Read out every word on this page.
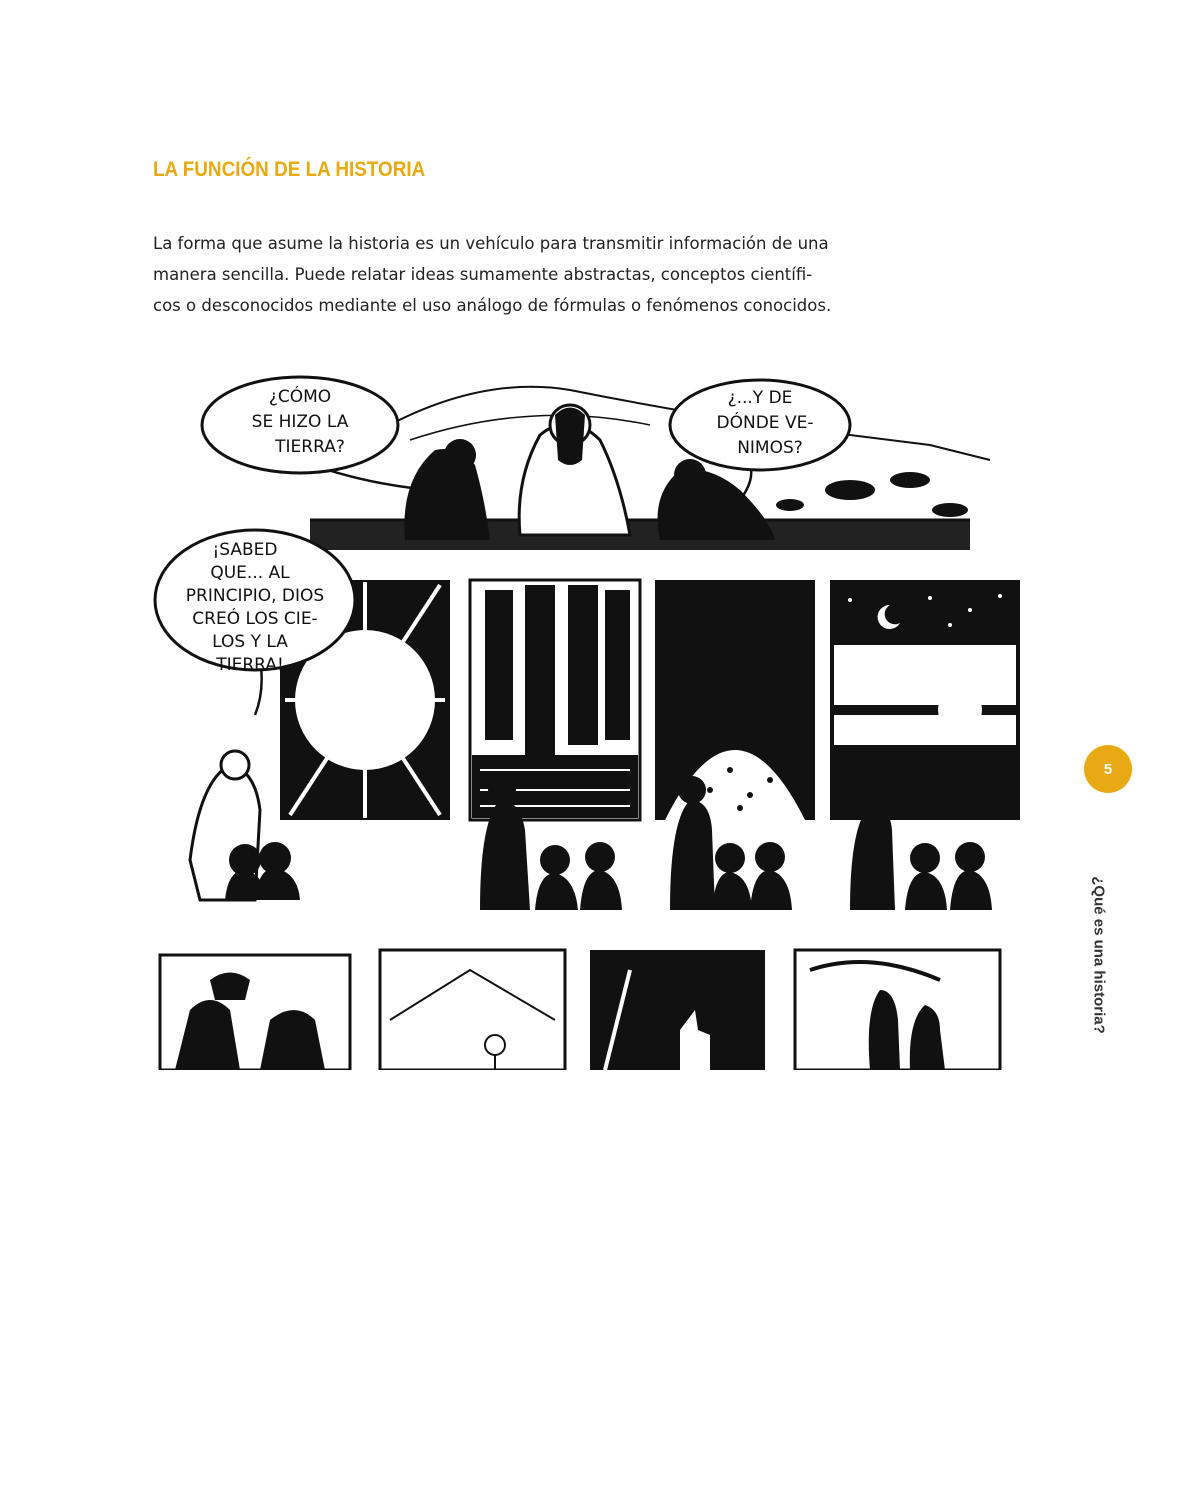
LA FUNCIÓN DE LA HISTORIA

La forma que asume la historia es un vehículo para transmitir información de una
manera sencilla. Puede relatar ideas sumamente abstractas, conceptos científi-
cos o desconocidos mediante el uso análogo de fórmulas o fenómenos conocidos.

¿CÓMO
SE HIZO LA
TIERRA?
¿...Y DE
DÓNDE VE-
NIMOS?
¡SABED
QUE... AL
PRINCIPIO, DIOS
CREÓ LOS CIE-
LOS Y LA
TIERRA!
5
¿Qué es una historia?
